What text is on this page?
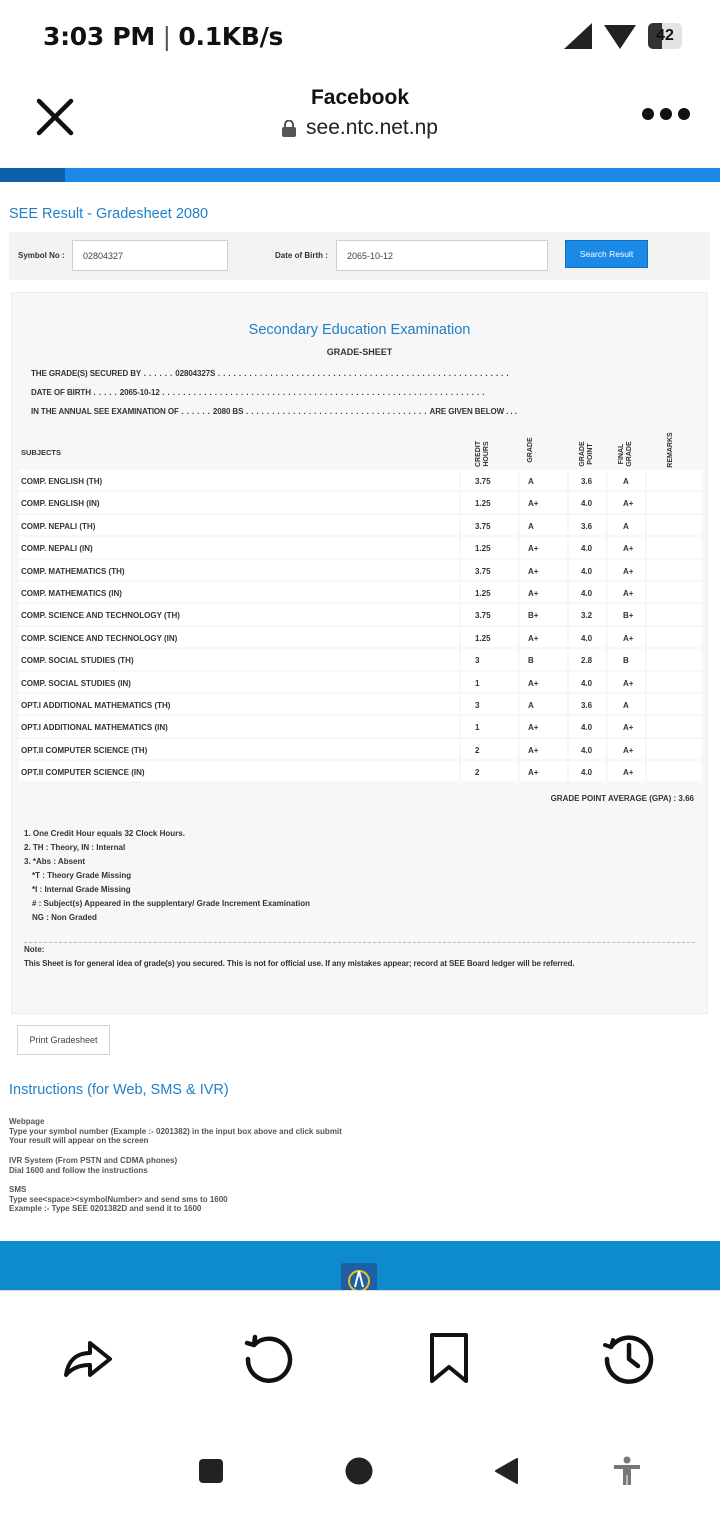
3:03 PM | 0.1KB/s	42
Facebook
see.ntc.net.np
SEE Result - Gradesheet 2080
Symbol No :	02804327	Date of Birth :	2065-10-12	Search Result
Secondary Education Examination
GRADE-SHEET
THE GRADE(S) SECURED BY . . . . . . 02804327S . . . . . . . . . . . . . . . . . . . . . . . . . . . . . . . . . . . . . . . . . . . . . . . . . . . . . . . .
DATE OF BIRTH . . . . . 2065-10-12 . . . . . . . . . . . . . . . . . . . . . . . . . . . . . . . . . . . . . . . . . . . . . . . . . . . . . . . . . . . . . .
IN THE ANNUAL SEE EXAMINATION OF . . . . . . 2080 BS . . . . . . . . . . . . . . . . . . . . . . . . . . . . . . . . . . . ARE GIVEN BELOW . . .
SUBJECTS	CREDIT HOURS	GRADE	GRADE POINT	FINAL GRADE	REMARKS
COMP. ENGLISH (TH)	3.75	A	3.6	A
COMP. ENGLISH (IN)	1.25	A+	4.0	A+
COMP. NEPALI (TH)	3.75	A	3.6	A
COMP. NEPALI (IN)	1.25	A+	4.0	A+
COMP. MATHEMATICS (TH)	3.75	A+	4.0	A+
COMP. MATHEMATICS (IN)	1.25	A+	4.0	A+
COMP. SCIENCE AND TECHNOLOGY (TH)	3.75	B+	3.2	B+
COMP. SCIENCE AND TECHNOLOGY (IN)	1.25	A+	4.0	A+
COMP. SOCIAL STUDIES (TH)	3	B	2.8	B
COMP. SOCIAL STUDIES (IN)	1	A+	4.0	A+
OPT.I ADDITIONAL MATHEMATICS (TH)	3	A	3.6	A
OPT.I ADDITIONAL MATHEMATICS (IN)	1	A+	4.0	A+
OPT.II COMPUTER SCIENCE (TH)	2	A+	4.0	A+
OPT.II COMPUTER SCIENCE (IN)	2	A+	4.0	A+
GRADE POINT AVERAGE (GPA) : 3.66
1. One Credit Hour equals 32 Clock Hours.
2. TH : Theory, IN : Internal
3. *Abs : Absent
*T : Theory Grade Missing
*I : Internal Grade Missing
# : Subject(s) Appeared in the supplentary/ Grade Increment Examination
NG : Non Graded
Note:
This Sheet is for general idea of grade(s) you secured. This is not for official use. If any mistakes appear; record at SEE Board ledger will be referred.
Print Gradesheet
Instructions (for Web, SMS & IVR)
Webpage
Type your symbol number (Example :- 0201382) in the input box above and click submit
Your result will appear on the screen
IVR System (From PSTN and CDMA phones)
Dial 1600 and follow the instructions
SMS
Type see<space><symbolNumber> and send sms to 1600
Example :- Type SEE 0201382D and send it to 1600
